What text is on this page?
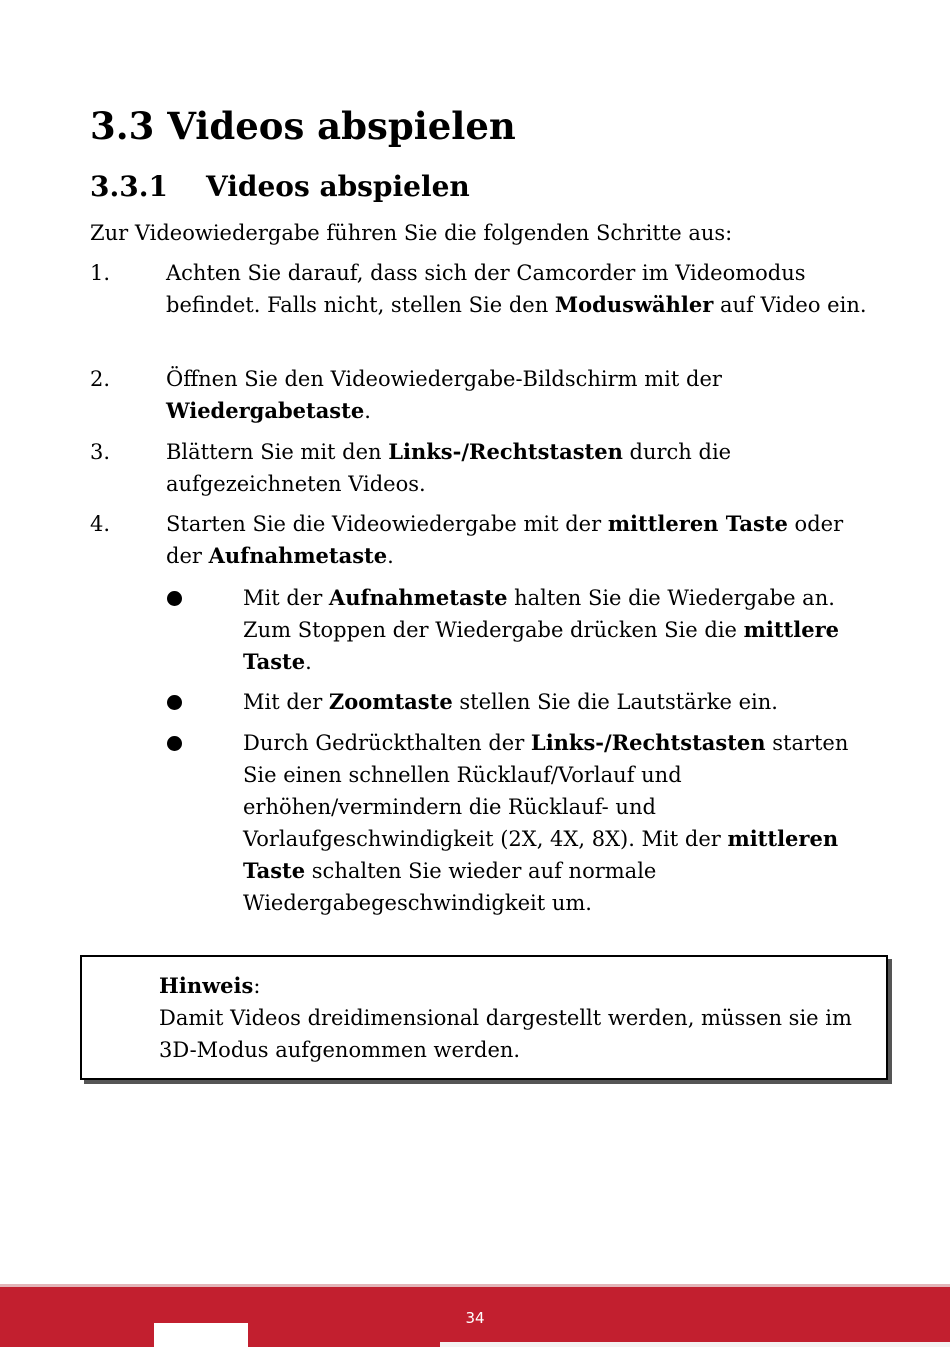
3.3 Videos abspielen
3.3.1 Videos abspielen
Zur Videowiedergabe führen Sie die folgenden Schritte aus:
1.	Achten Sie darauf, dass sich der Camcorder im Videomodus befindet. Falls nicht, stellen Sie den Moduswähler auf Video ein.
2.	Öffnen Sie den Videowiedergabe-Bildschirm mit der Wiedergabetaste.
3.	Blättern Sie mit den Links-/Rechtstasten durch die aufgezeichneten Videos.
4.	Starten Sie die Videowiedergabe mit der mittleren Taste oder der Aufnahmetaste.
Mit der Aufnahmetaste halten Sie die Wiedergabe an. Zum Stoppen der Wiedergabe drücken Sie die mittlere Taste.
Mit der Zoomtaste stellen Sie die Lautstärke ein.
Durch Gedrückthalten der Links-/Rechtstasten starten Sie einen schnellen Rücklauf/Vorlauf und erhöhen/vermindern die Rücklauf- und Vorlaufgeschwindigkeit (2X, 4X, 8X). Mit der mittleren Taste schalten Sie wieder auf normale Wiedergabegeschwindigkeit um.
Hinweis:
Damit Videos dreidimensional dargestellt werden, müssen sie im 3D-Modus aufgenommen werden.
34
